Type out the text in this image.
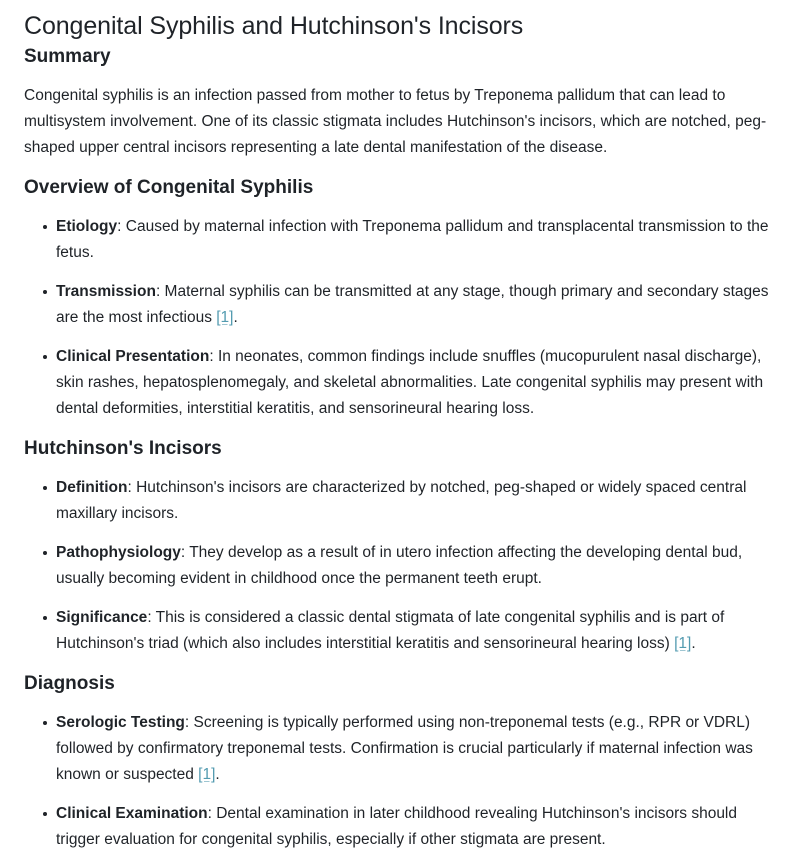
Congenital Syphilis and Hutchinson's Incisors
Summary

Congenital syphilis is an infection passed from mother to fetus by Treponema pallidum that can lead to multisystem involvement. One of its classic stigmata includes Hutchinson's incisors, which are notched, peg-shaped upper central incisors representing a late dental manifestation of the disease.

Overview of Congenital Syphilis
Etiology: Caused by maternal infection with Treponema pallidum and transplacental transmission to the fetus.
Transmission: Maternal syphilis can be transmitted at any stage, though primary and secondary stages are the most infectious [1].
Clinical Presentation: In neonates, common findings include snuffles (mucopurulent nasal discharge), skin rashes, hepatosplenomegaly, and skeletal abnormalities. Late congenital syphilis may present with dental deformities, interstitial keratitis, and sensorineural hearing loss.
Hutchinson's Incisors
Definition: Hutchinson's incisors are characterized by notched, peg-shaped or widely spaced central maxillary incisors.
Pathophysiology: They develop as a result of in utero infection affecting the developing dental bud, usually becoming evident in childhood once the permanent teeth erupt.
Significance: This is considered a classic dental stigmata of late congenital syphilis and is part of Hutchinson's triad (which also includes interstitial keratitis and sensorineural hearing loss) [1].
Diagnosis
Serologic Testing: Screening is typically performed using non-treponemal tests (e.g., RPR or VDRL) followed by confirmatory treponemal tests. Confirmation is crucial particularly if maternal infection was known or suspected [1].
Clinical Examination: Dental examination in later childhood revealing Hutchinson's incisors should trigger evaluation for congenital syphilis, especially if other stigmata are present.
